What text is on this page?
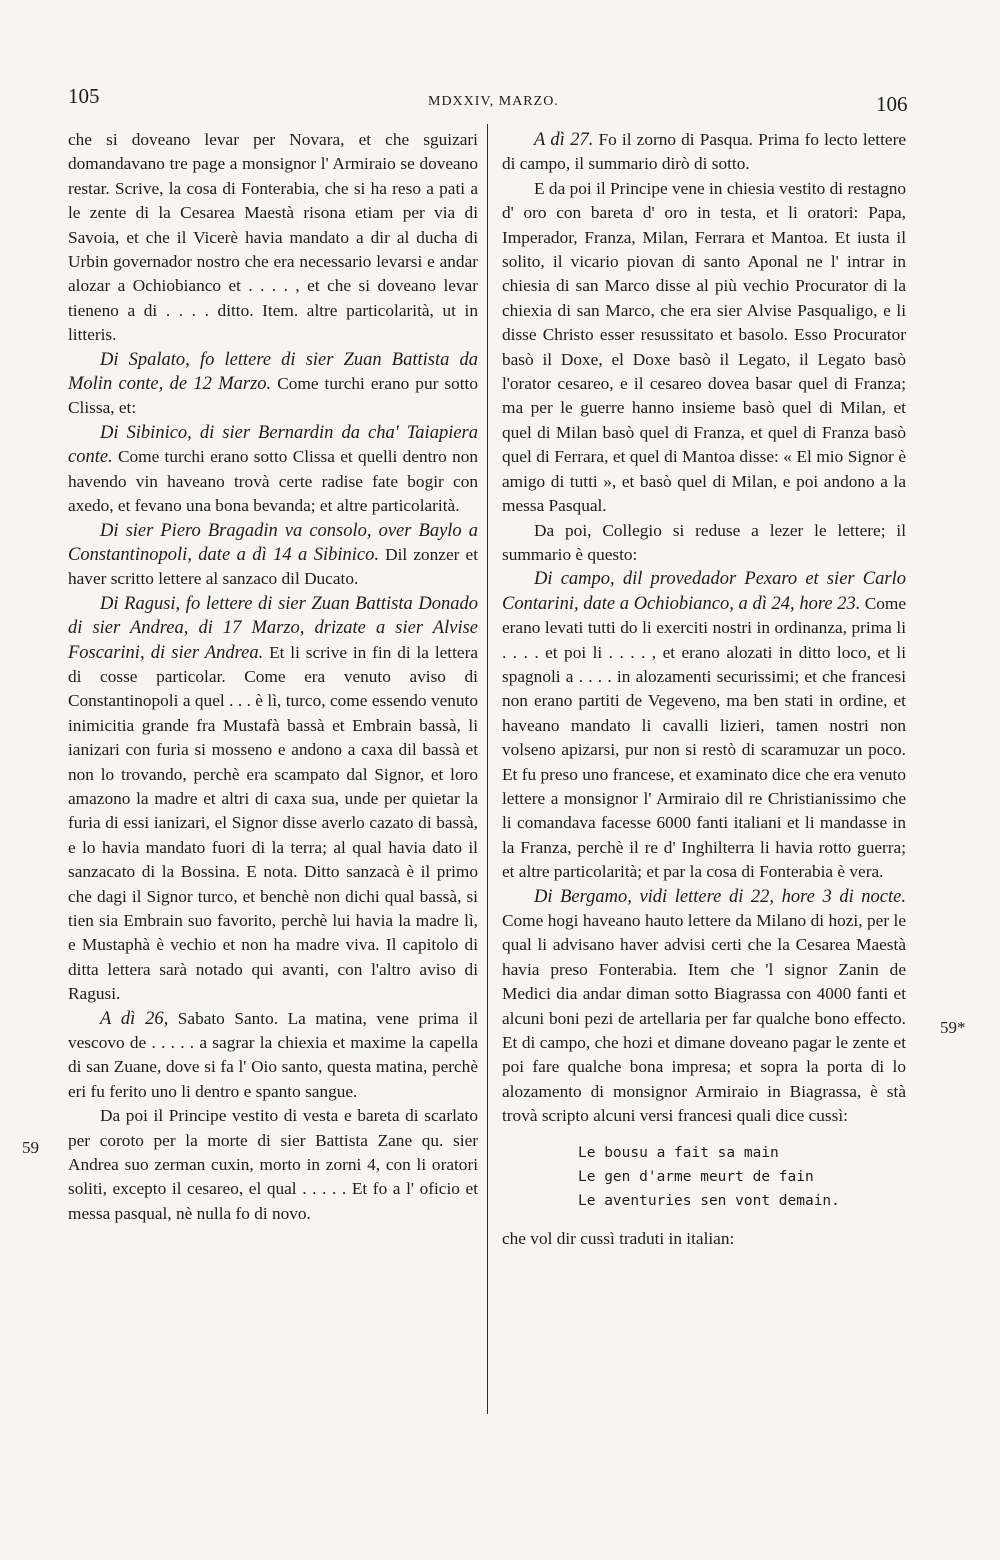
105	MDXXIV, MARZO.	106
59
59*

che si doveano levar per Novara, et che sguizari domandavano tre page a monsignor l' Armiraio se doveano restar. Scrive, la cosa di Fonterabia, che si ha reso a pati a le zente di la Cesarea Maestà risona etiam per via di Savoia, et che il Vicerè havia mandato a dir al ducha di Urbin governador nostro che era necessario levarsi e andar alozar a Ochiobianco et . . . . , et che si doveano levar tieneno a di . . . . ditto. Item. altre particolarità, ut in litteris.

Di Spalato, fo lettere di sier Zuan Battista da Molin conte, de 12 Marzo. Come turchi erano pur sotto Clissa, et:

Di Sibinico, di sier Bernardin da cha' Taiapiera conte. Come turchi erano sotto Clissa et quelli dentro non havendo vin haveano trovà certe radise fate bogir con axedo, et fevano una bona bevanda; et altre particolarità.

Di sier Piero Bragadin va consolo, over Baylo a Constantinopoli, date a dì 14 a Sibinico. Dil zonzer et haver scritto lettere al sanzaco dil Ducato.

Di Ragusi, fo lettere di sier Zuan Battista Donado di sier Andrea, di 17 Marzo, drizate a sier Alvise Foscarini, di sier Andrea. Et li scrive in fin di la lettera di cosse particolar. Come era venuto aviso di Constantinopoli a quel . . . è lì, turco, come essendo venuto inimicitia grande fra Mustafà bassà et Embrain bassà, li ianizari con furia si mosseno e andono a caxa dil bassà et non lo trovando, perchè era scampato dal Signor, et loro amazono la madre et altri di caxa sua, unde per quietar la furia di essi ianizari, el Signor disse averlo cazato di bassà, e lo havia mandato fuori di la terra; al qual havia dato il sanzacato di la Bossina. E nota. Ditto sanzacà è il primo che dagi il Signor turco, et benchè non dichi qual bassà, si tien sia Embrain suo favorito, perchè lui havia la madre lì, e Mustaphà è vechio et non ha madre viva. Il capitolo di ditta lettera sarà notado qui avanti, con l'altro aviso di Ragusi.

A dì 26, Sabato Santo. La matina, vene prima il vescovo de . . . . . a sagrar la chiexia et maxime la capella di san Zuane, dove si fa l' Oio santo, questa matina, perchè eri fu ferito uno li dentro e spanto sangue.

Da poi il Principe vestito di vesta e bareta di scarlato per coroto per la morte di sier Battista Zane qu. sier Andrea suo zerman cuxin, morto in zorni 4, con li oratori soliti, excepto il cesareo, el qual . . . . . Et fo a l' oficio et messa pasqual, nè nulla fo di novo.

A dì 27. Fo il zorno di Pasqua. Prima fo lecto lettere di campo, il summario dirò di sotto.

E da poi il Principe vene in chiesia vestito di restagno d' oro con bareta d' oro in testa, et li oratori: Papa, Imperador, Franza, Milan, Ferrara et Mantoa. Et iusta il solito, il vicario piovan di santo Aponal ne l' intrar in chiesia di san Marco disse al più vechio Procurator di la chiexia di san Marco, che era sier Alvise Pasqualigo, e li disse Christo esser resussitato et basolo. Esso Procurator basò il Doxe, el Doxe basò il Legato, il Legato basò l'orator cesareo, e il cesareo dovea basar quel di Franza; ma per le guerre hanno insieme basò quel di Milan, et quel di Milan basò quel di Franza, et quel di Franza basò quel di Ferrara, et quel di Mantoa disse: « El mio Signor è amigo di tutti », et basò quel di Milan, e poi andono a la messa Pasqual.

Da poi, Collegio si reduse a lezer le lettere; il summario è questo:

Di campo, dil provedador Pexaro et sier Carlo Contarini, date a Ochiobianco, a dì 24, hore 23. Come erano levati tutti do li exerciti nostri in ordinanza, prima li . . . . et poi li . . . . , et erano alozati in ditto loco, et li spagnoli a . . . . in alozamenti securissimi; et che francesi non erano partiti de Vegeveno, ma ben stati in ordine, et haveano mandato li cavalli lizieri, tamen nostri non volseno apizarsi, pur non si restò di scaramuzar un poco. Et fu preso uno francese, et examinato dice che era venuto lettere a monsignor l' Armiraio dil re Christianissimo che li comandava facesse 6000 fanti italiani et li mandasse in la Franza, perchè il re d' Inghilterra li havia rotto guerra; et altre particolarità; et par la cosa di Fonterabia è vera.

Di Bergamo, vidi lettere di 22, hore 3 di nocte. Come hogi haveano hauto lettere da Milano di hozi, per le qual li advisano haver advisi certi che la Cesarea Maestà havia preso Fonterabia. Item che 'l signor Zanin de Medici dia andar diman sotto Biagrassa con 4000 fanti et alcuni boni pezi de artellaria per far qualche bono effecto. Et di campo, che hozi et dimane doveano pagar le zente et poi fare qualche bona impresa; et sopra la porta di lo alozamento di monsignor Armiraio in Biagrassa, è stà trovà scripto alcuni versi francesi quali dice cussì:

Le bousu a fait sa main
Le gen d'arme meurt de fain
Le aventuries sen vont demain.

che vol dir cussì traduti in italian:
